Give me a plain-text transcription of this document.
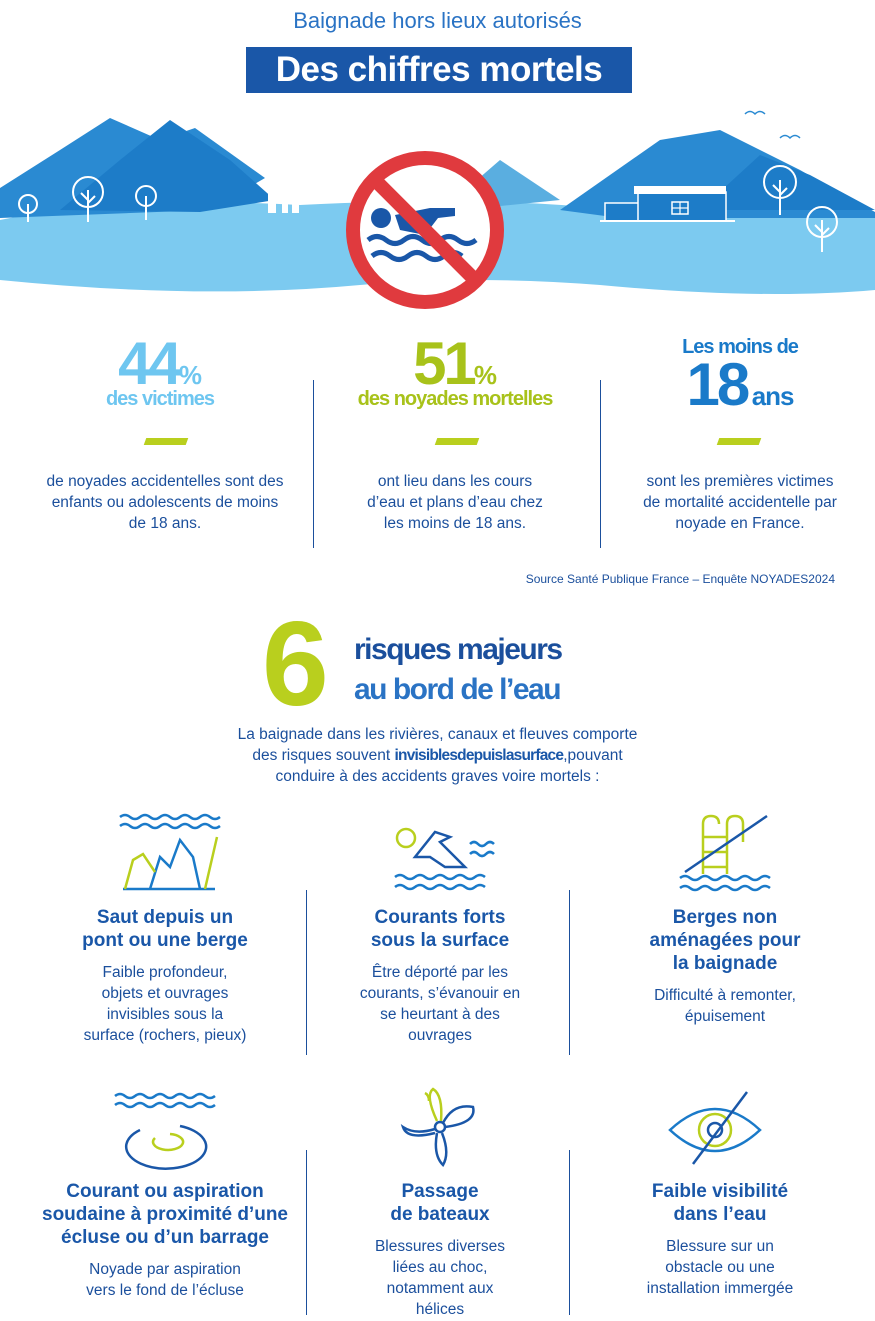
Baignade hors lieux autorisés
Des chiffres mortels
44%
des victimes
de noyades accidentelles sont des
enfants ou adolescents de moins
de 18 ans.
51%
des noyades mortelles
ont lieu dans les cours
d’eau et plans d’eau chez
les moins de 18 ans.
Les moins de
18 ans
sont les premières victimes
de mortalité accidentelle par
noyade en France.
Source Santé Publique France – Enquête NOYADES2024
6 risques majeurs
au bord de l’eau
La baignade dans les rivières, canaux et fleuves comporte
des risques souvent invisiblesdepuislasurface,pouvant
conduire à des accidents graves voire mortels :
Saut depuis un
pont ou une berge
Faible profondeur,
objets et ouvrages
invisibles sous la
surface (rochers, pieux)
Courants forts
sous la surface
Être déporté par les
courants, s’évanouir en
se heurtant à des
ouvrages
Berges non
aménagées pour
la baignade
Difficulté à remonter,
épuisement
Courant ou aspiration
soudaine à proximité d’une
écluse ou d’un barrage
Noyade par aspiration
vers le fond de l’écluse
Passage
de bateaux
Blessures diverses
liées au choc,
notamment aux
hélices
Faible visibilité
dans l’eau
Blessure sur un
obstacle ou une
installation immergée
